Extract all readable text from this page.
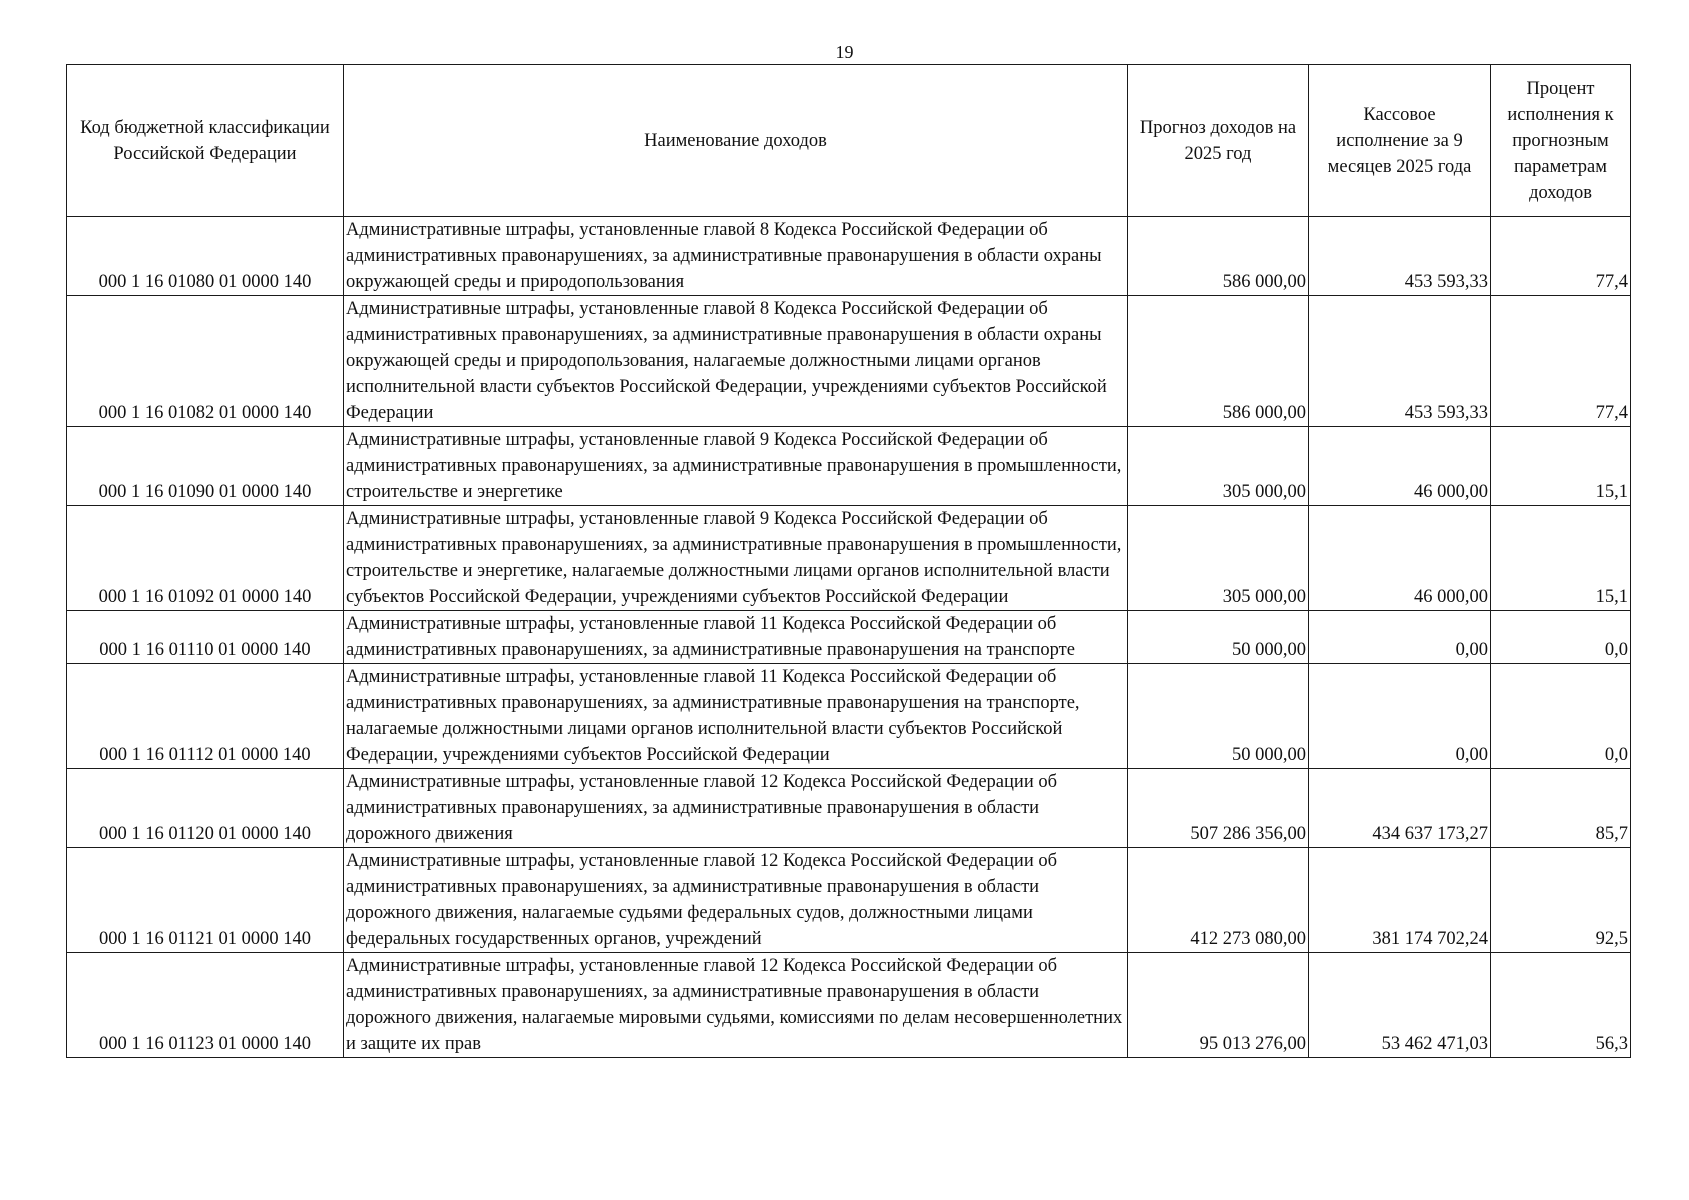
19
Код бюджетной классификации Российской Федерации	Наименование доходов	Прогноз доходов на 2025 год	Кассовое исполнение за 9 месяцев 2025 года	Процент исполнения к прогнозным параметрам доходов
000 1 16 01080 01 0000 140	Административные штрафы, установленные главой 8 Кодекса Российской Федерации об административных правонарушениях, за административные правонарушения в области охраны окружающей среды и природопользования	586 000,00	453 593,33	77,4
000 1 16 01082 01 0000 140	Административные штрафы, установленные главой 8 Кодекса Российской Федерации об административных правонарушениях, за административные правонарушения в области охраны окружающей среды и природопользования, налагаемые должностными лицами органов исполнительной власти субъектов Российской Федерации, учреждениями субъектов Российской Федерации	586 000,00	453 593,33	77,4
000 1 16 01090 01 0000 140	Административные штрафы, установленные главой 9 Кодекса Российской Федерации об административных правонарушениях, за административные правонарушения в промышленности, строительстве и энергетике	305 000,00	46 000,00	15,1
000 1 16 01092 01 0000 140	Административные штрафы, установленные главой 9 Кодекса Российской Федерации об административных правонарушениях, за административные правонарушения в промышленности, строительстве и энергетике, налагаемые должностными лицами органов исполнительной власти субъектов Российской Федерации, учреждениями субъектов Российской Федерации	305 000,00	46 000,00	15,1
000 1 16 01110 01 0000 140	Административные штрафы, установленные главой 11 Кодекса Российской Федерации об административных правонарушениях, за административные правонарушения на транспорте	50 000,00	0,00	0,0
000 1 16 01112 01 0000 140	Административные штрафы, установленные главой 11 Кодекса Российской Федерации об административных правонарушениях, за административные правонарушения на транспорте, налагаемые должностными лицами органов исполнительной власти субъектов Российской Федерации, учреждениями субъектов Российской Федерации	50 000,00	0,00	0,0
000 1 16 01120 01 0000 140	Административные штрафы, установленные главой 12 Кодекса Российской Федерации об административных правонарушениях, за административные правонарушения в области дорожного движения	507 286 356,00	434 637 173,27	85,7
000 1 16 01121 01 0000 140	Административные штрафы, установленные главой 12 Кодекса Российской Федерации об административных правонарушениях, за административные правонарушения в области дорожного движения, налагаемые судьями федеральных судов, должностными лицами федеральных государственных органов, учреждений	412 273 080,00	381 174 702,24	92,5
000 1 16 01123 01 0000 140	Административные штрафы, установленные главой 12 Кодекса Российской Федерации об административных правонарушениях, за административные правонарушения в области дорожного движения, налагаемые мировыми судьями, комиссиями по делам несовершеннолетних и защите их прав	95 013 276,00	53 462 471,03	56,3
